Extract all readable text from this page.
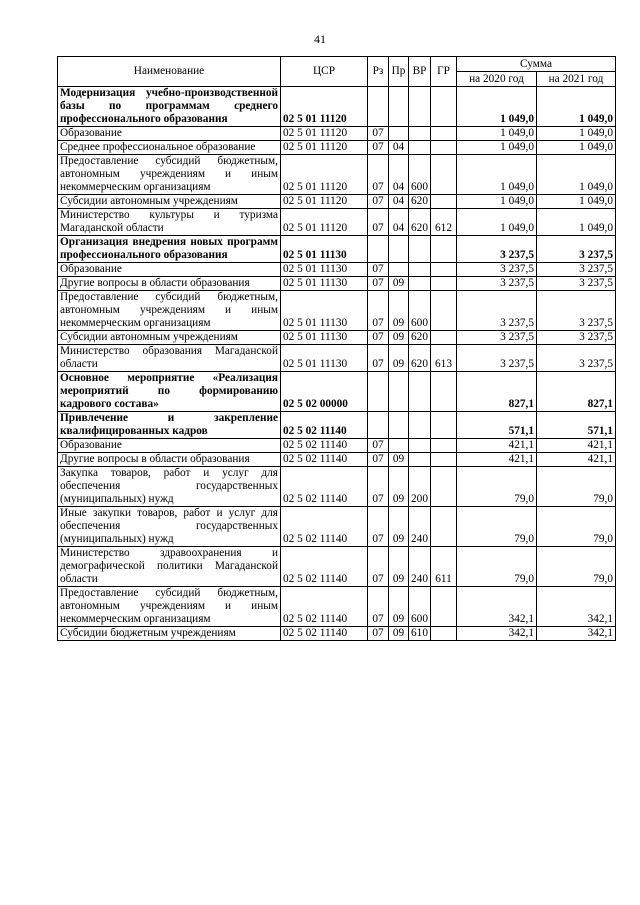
41
Наименование	ЦСР	Рз	Пр	ВР	ГР	Сумма	
						на 2020 год	на 2021 год
Модернизация учебно-производственной базы по программам среднего профессионального образования	02 5 01 11120					1 049,0	1 049,0
Образование	02 5 01 11120	07				1 049,0	1 049,0
Среднее профессиональное образование	02 5 01 11120	07	04			1 049,0	1 049,0
Предоставление субсидий бюджетным, автономным учреждениям и иным некоммерческим организациям	02 5 01 11120	07	04	600		1 049,0	1 049,0
Субсидии автономным учреждениям	02 5 01 11120	07	04	620		1 049,0	1 049,0
Министерство культуры и туризма Магаданской области	02 5 01 11120	07	04	620	612	1 049,0	1 049,0
Организация внедрения новых программ профессионального образования	02 5 01 11130					3 237,5	3 237,5
Образование	02 5 01 11130	07				3 237,5	3 237,5
Другие вопросы в области образования	02 5 01 11130	07	09			3 237,5	3 237,5
Предоставление субсидий бюджетным, автономным учреждениям и иным некоммерческим организациям	02 5 01 11130	07	09	600		3 237,5	3 237,5
Субсидии автономным учреждениям	02 5 01 11130	07	09	620		3 237,5	3 237,5
Министерство образования Магаданской области	02 5 01 11130	07	09	620	613	3 237,5	3 237,5
Основное мероприятие «Реализация мероприятий по формированию кадрового состава»	02 5 02 00000					827,1	827,1
Привлечение и закрепление квалифицированных кадров	02 5 02 11140					571,1	571,1
Образование	02 5 02 11140	07				421,1	421,1
Другие вопросы в области образования	02 5 02 11140	07	09			421,1	421,1
Закупка товаров, работ и услуг для обеспечения государственных (муниципальных) нужд	02 5 02 11140	07	09	200		79,0	79,0
Иные закупки товаров, работ и услуг для обеспечения государственных (муниципальных) нужд	02 5 02 11140	07	09	240		79,0	79,0
Министерство здравоохранения и демографической политики Магаданской области	02 5 02 11140	07	09	240	611	79,0	79,0
Предоставление субсидий бюджетным, автономным учреждениям и иным некоммерческим организациям	02 5 02 11140	07	09	600		342,1	342,1
Субсидии бюджетным учреждениям	02 5 02 11140	07	09	610		342,1	342,1
